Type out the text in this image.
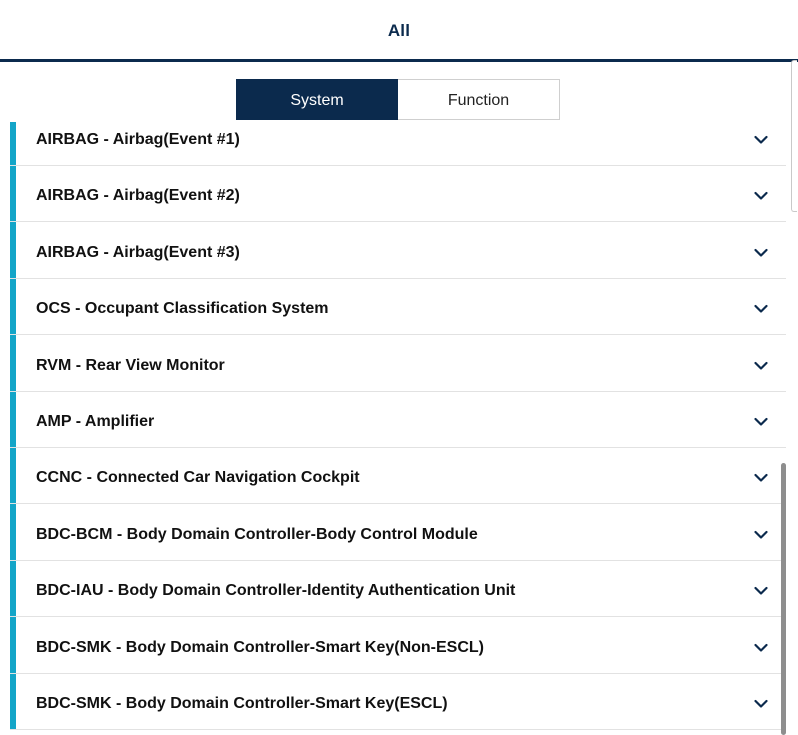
All
System	Function
AIRBAG - Airbag(Event #1)
AIRBAG - Airbag(Event #2)
AIRBAG - Airbag(Event #3)
OCS - Occupant Classification System
RVM - Rear View Monitor
AMP - Amplifier
CCNC - Connected Car Navigation Cockpit
BDC-BCM - Body Domain Controller-Body Control Module
BDC-IAU - Body Domain Controller-Identity Authentication Unit
BDC-SMK - Body Domain Controller-Smart Key(Non-ESCL)
BDC-SMK - Body Domain Controller-Smart Key(ESCL)
